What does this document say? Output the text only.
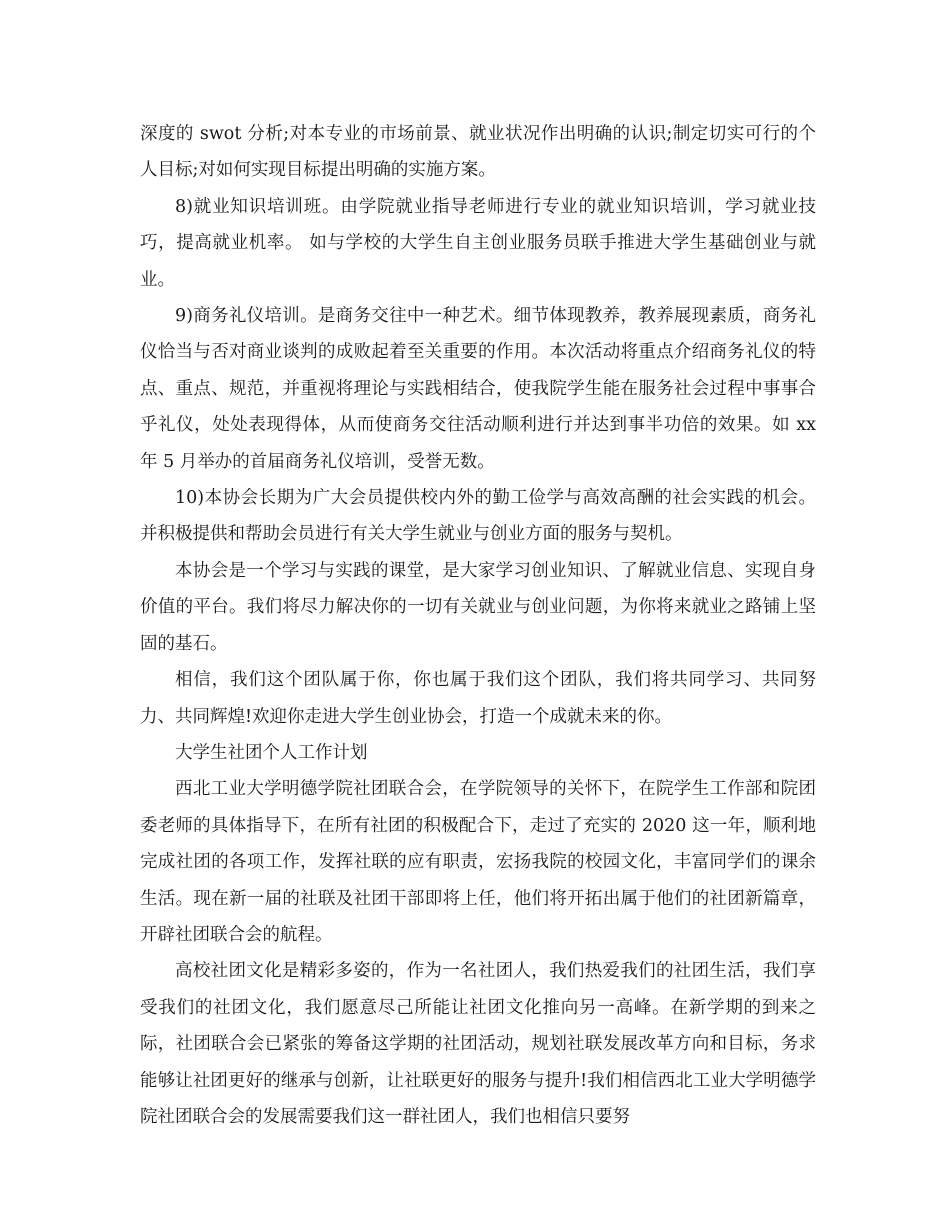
深度的 swot 分析;对本专业的市场前景、就业状况作出明确的认识;制定切实可行的个人目标;对如何实现目标提出明确的实施方案。

8)就业知识培训班。由学院就业指导老师进行专业的就业知识培训，学习就业技巧，提高就业机率。 如与学校的大学生自主创业服务员联手推进大学生基础创业与就业。

9)商务礼仪培训。是商务交往中一种艺术。细节体现教养，教养展现素质，商务礼仪恰当与否对商业谈判的成败起着至关重要的作用。本次活动将重点介绍商务礼仪的特点、重点、规范，并重视将理论与实践相结合，使我院学生能在服务社会过程中事事合乎礼仪，处处表现得体，从而使商务交往活动顺利进行并达到事半功倍的效果。如 xx 年 5 月举办的首届商务礼仪培训，受誉无数。

10)本协会长期为广大会员提供校内外的勤工俭学与高效高酬的社会实践的机会。 并积极提供和帮助会员进行有关大学生就业与创业方面的服务与契机。

本协会是一个学习与实践的课堂，是大家学习创业知识、了解就业信息、实现自身价值的平台。我们将尽力解决你的一切有关就业与创业问题，为你将来就业之路铺上坚固的基石。

相信，我们这个团队属于你，你也属于我们这个团队，我们将共同学习、共同努力、共同辉煌!欢迎你走进大学生创业协会，打造一个成就未来的你。

大学生社团个人工作计划

西北工业大学明德学院社团联合会，在学院领导的关怀下，在院学生工作部和院团委老师的具体指导下，在所有社团的积极配合下，走过了充实的 2020 这一年，顺利地完成社团的各项工作，发挥社联的应有职责，宏扬我院的校园文化，丰富同学们的课余生活。现在新一届的社联及社团干部即将上任，他们将开拓出属于他们的社团新篇章，开辟社团联合会的航程。

高校社团文化是精彩多姿的，作为一名社团人，我们热爱我们的社团生活，我们享受我们的社团文化，我们愿意尽己所能让社团文化推向另一高峰。在新学期的到来之际，社团联合会已紧张的筹备这学期的社团活动，规划社联发展改革方向和目标，务求能够让社团更好的继承与创新，让社联更好的服务与提升!我们相信西北工业大学明德学院社团联合会的发展需要我们这一群社团人，我们也相信只要努
